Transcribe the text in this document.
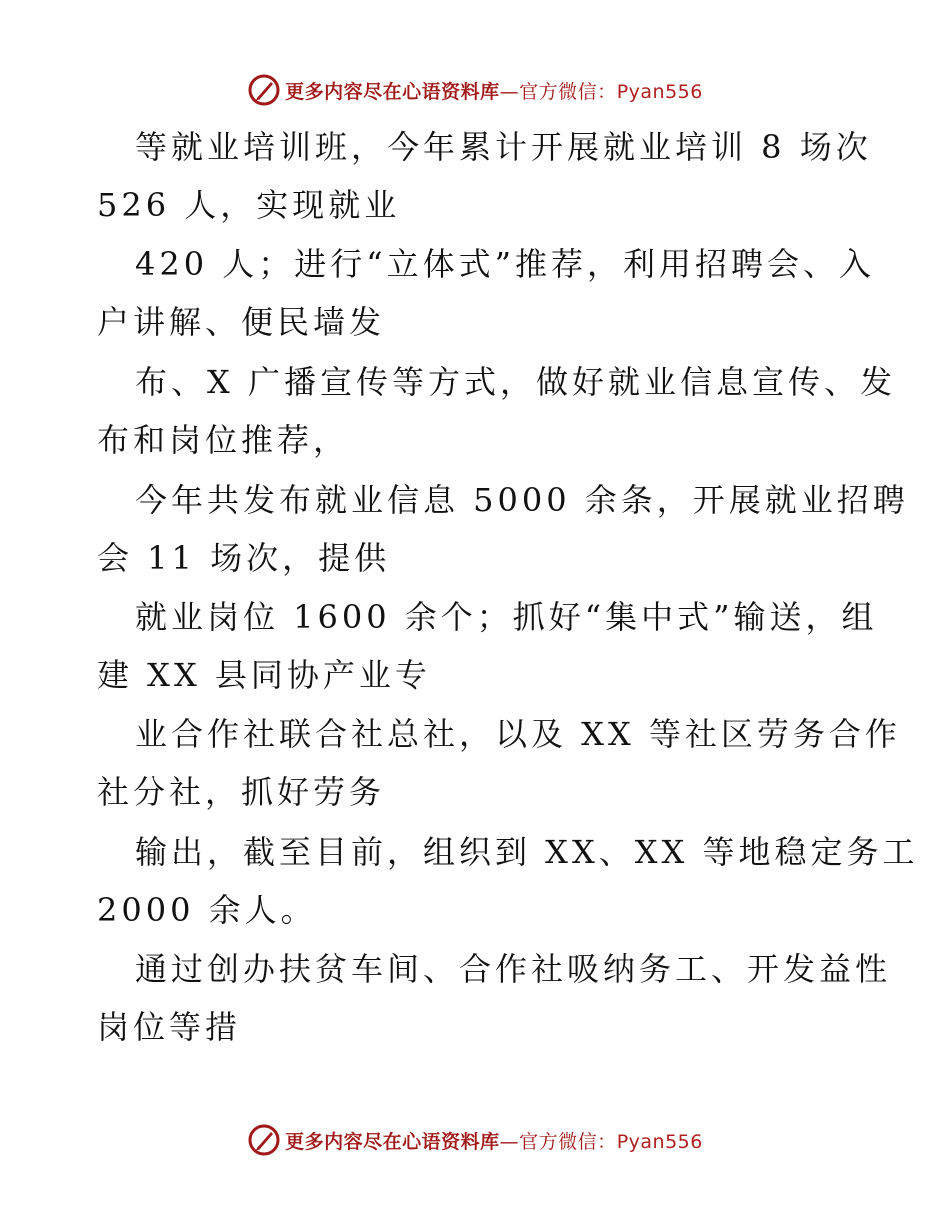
更多内容尽在心语资料库—官方微信：Pyan556
等就业培训班，今年累计开展就业培训 8 场次
526 人，实现就业
420 人；进行“立体式”推荐，利用招聘会、入
户讲解、便民墙发
布、X 广播宣传等方式，做好就业信息宣传、发
布和岗位推荐，
今年共发布就业信息 5000 余条，开展就业招聘
会 11 场次，提供
就业岗位 1600 余个；抓好“集中式”输送，组
建 XX 县同协产业专
业合作社联合社总社，以及 XX 等社区劳务合作
社分社，抓好劳务
输出，截至目前，组织到 XX、XX 等地稳定务工
2000 余人。
通过创办扶贫车间、合作社吸纳务工、开发益性
岗位等措
更多内容尽在心语资料库—官方微信：Pyan556
